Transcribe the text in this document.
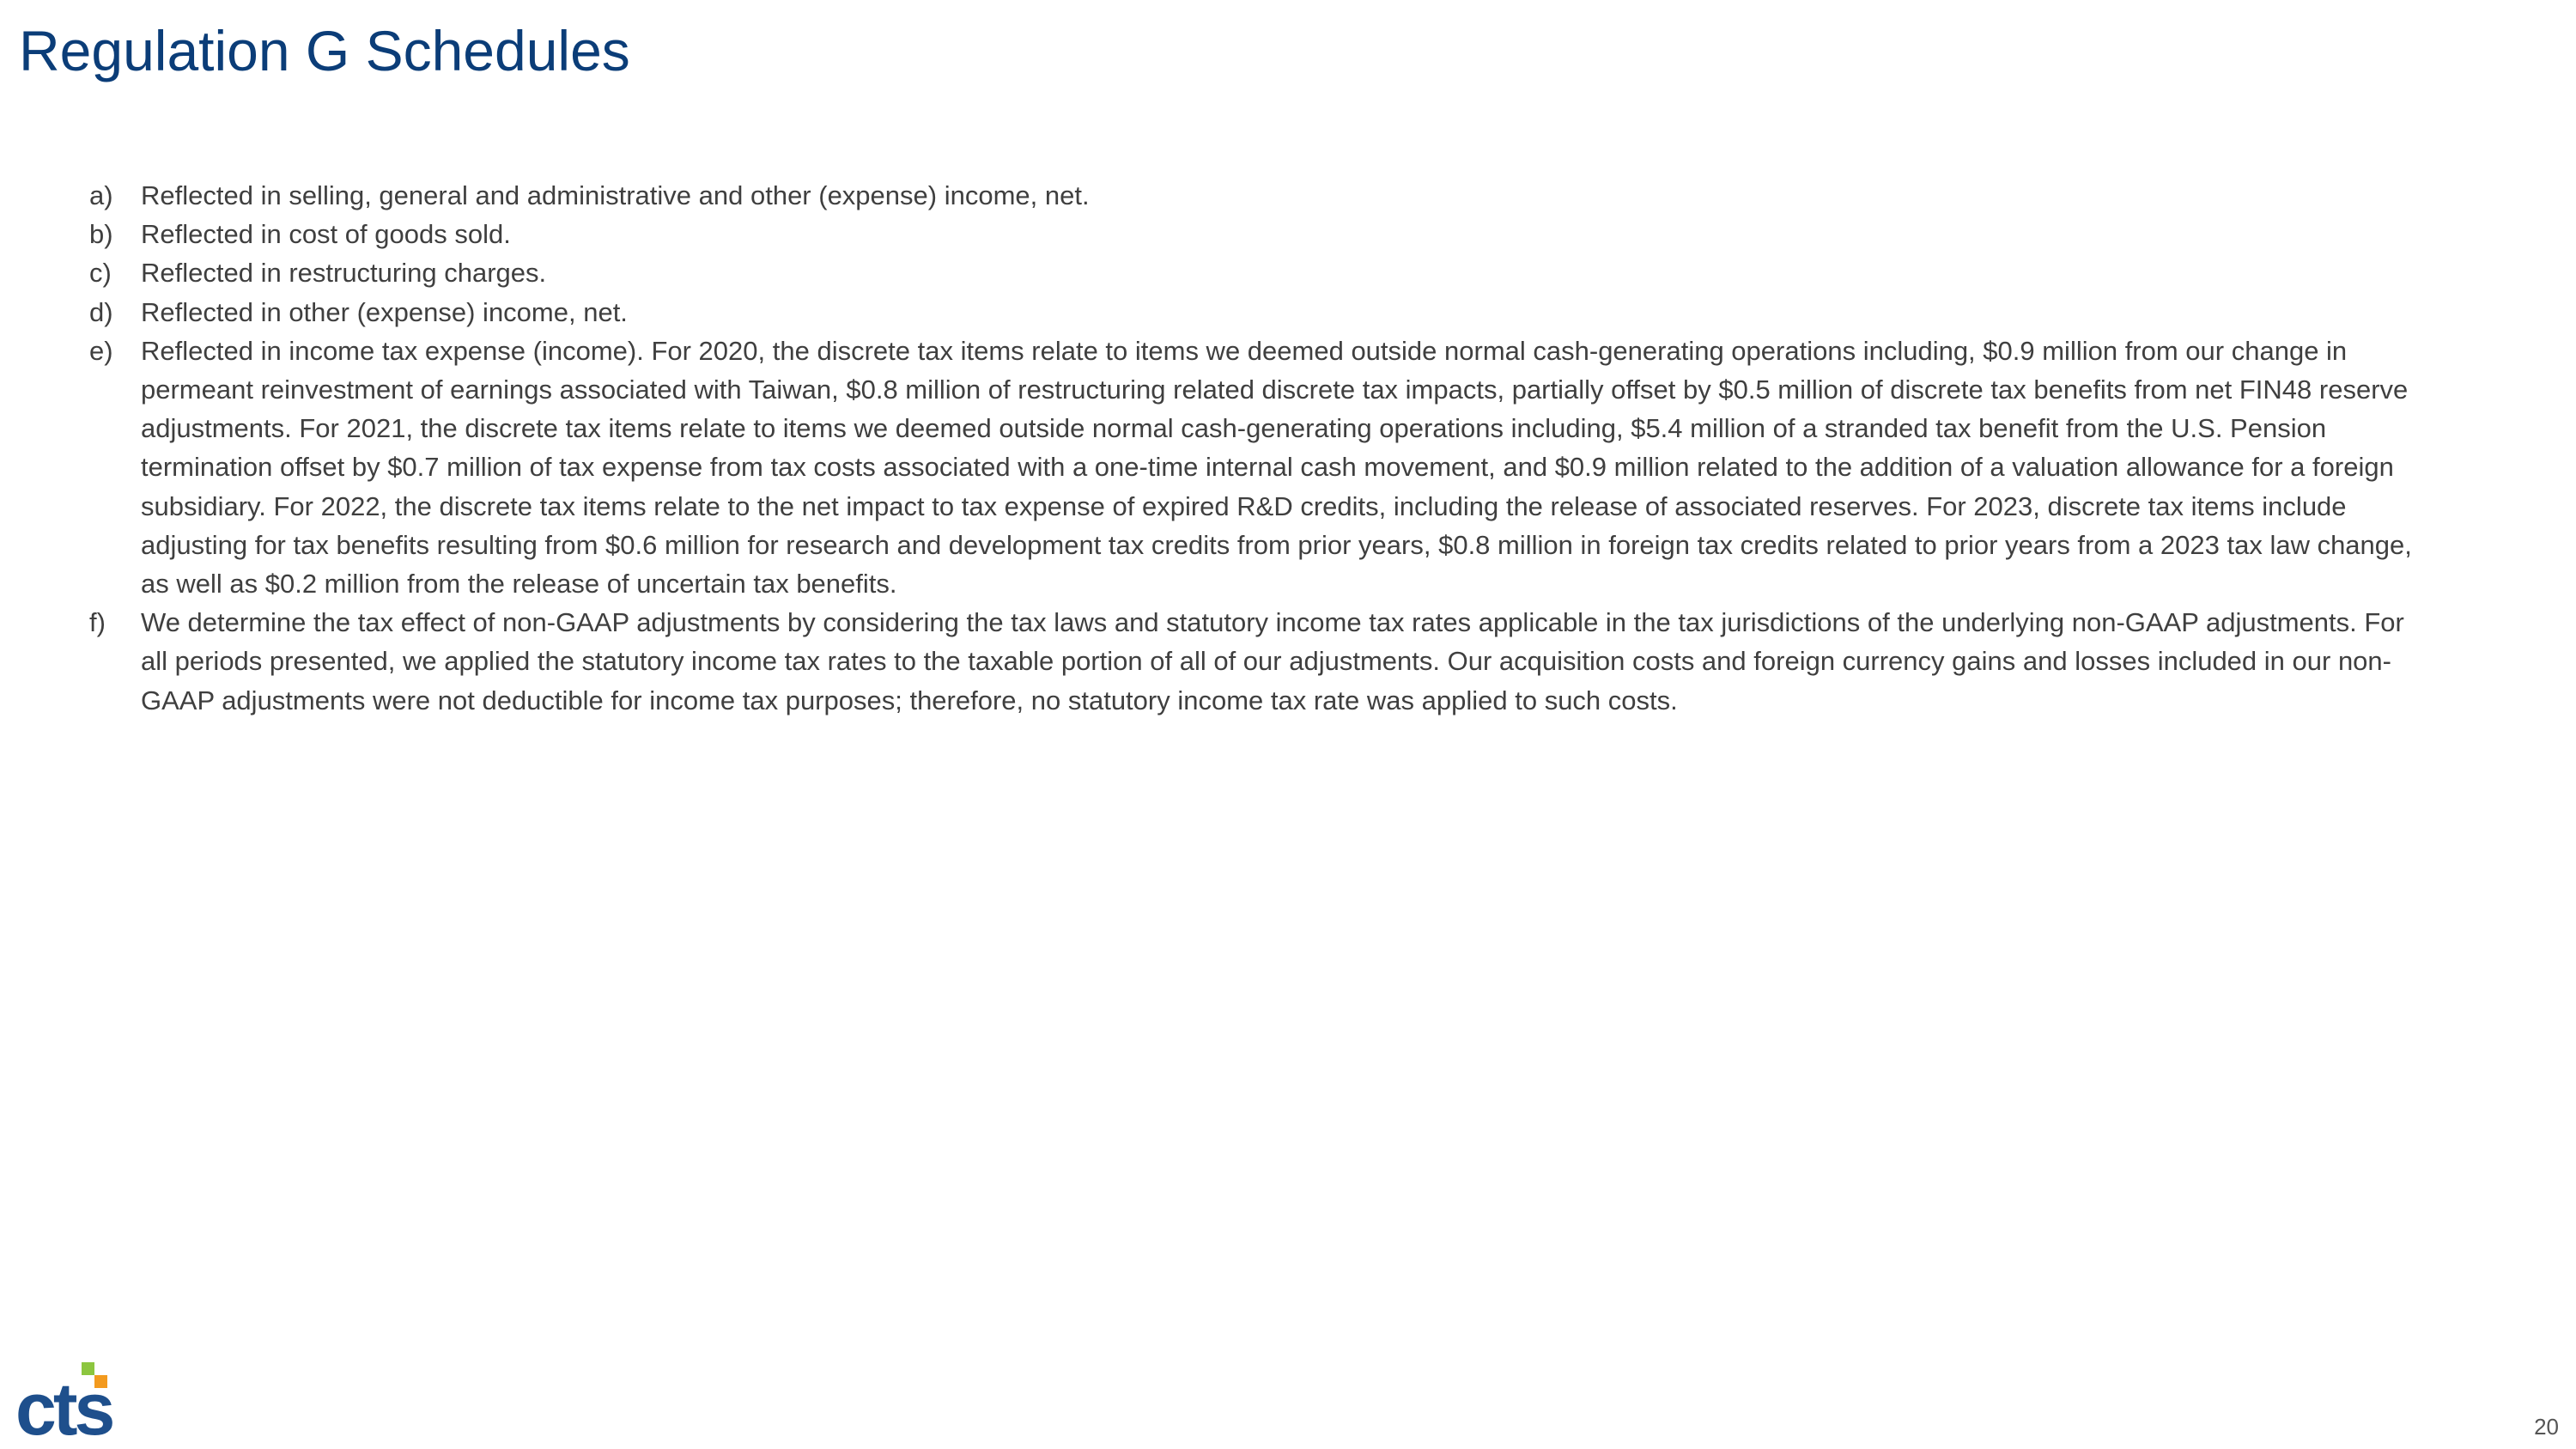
Regulation G Schedules
a)	Reflected in selling, general and administrative and other (expense) income, net.
b)	Reflected in cost of goods sold.
c)	Reflected in restructuring charges.
d)	Reflected in other (expense) income, net.
e)	Reflected in income tax expense (income). For 2020, the discrete tax items relate to items we deemed outside normal cash-generating operations including, $0.9 million from our change in permeant reinvestment of earnings associated with Taiwan, $0.8 million of restructuring related discrete tax impacts, partially offset by $0.5 million of discrete tax benefits from net FIN48 reserve adjustments. For 2021, the discrete tax items relate to items we deemed outside normal cash-generating operations including, $5.4 million of a stranded tax benefit from the U.S. Pension termination offset by $0.7 million of tax expense from tax costs associated with a one-time internal cash movement, and $0.9 million related to the addition of a valuation allowance for a foreign subsidiary. For 2022, the discrete tax items relate to the net impact to tax expense of expired R&D credits, including the release of associated reserves. For 2023, discrete tax items include adjusting for tax benefits resulting from $0.6 million for research and development tax credits from prior years, $0.8 million in foreign tax credits related to prior years from a 2023 tax law change, as well as $0.2 million from the release of uncertain tax benefits.
f)	We determine the tax effect of non-GAAP adjustments by considering the tax laws and statutory income tax rates applicable in the tax jurisdictions of the underlying non-GAAP adjustments. For all periods presented, we applied the statutory income tax rates to the taxable portion of all of our adjustments. Our acquisition costs and foreign currency gains and losses included in our non-GAAP adjustments were not deductible for income tax purposes; therefore, no statutory income tax rate was applied to such costs.
cts	20
